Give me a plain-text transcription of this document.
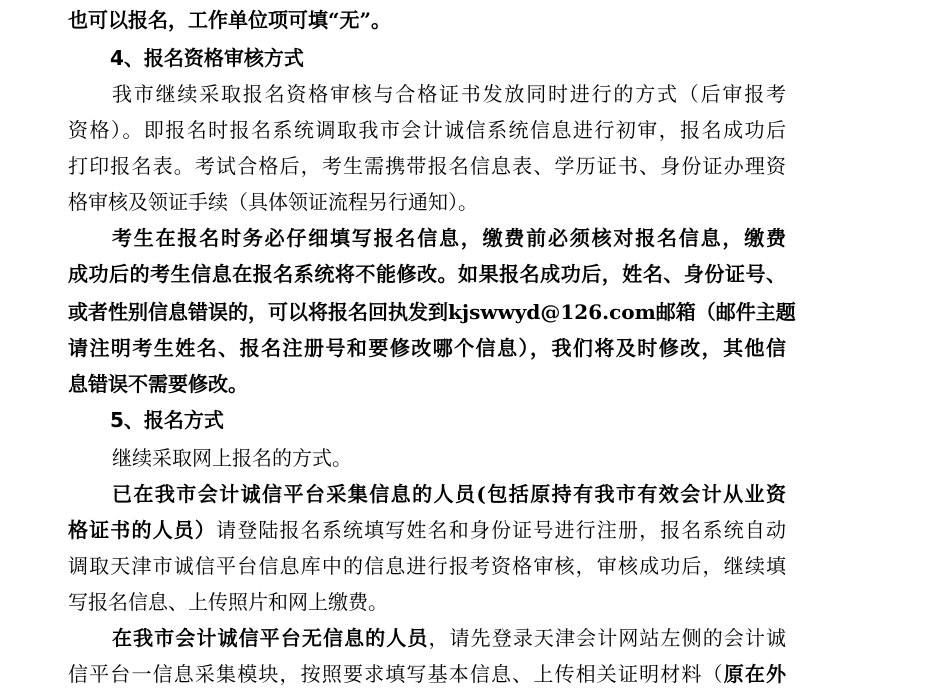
也可以报名，工作单位项可填“无”。
4、报名资格审核方式
我市继续采取报名资格审核与合格证书发放同时进行的方式（后审报考
资格）。即报名时报名系统调取我市会计诚信系统信息进行初审，报名成功后
打印报名表。考试合格后，考生需携带报名信息表、学历证书、身份证办理资
格审核及领证手续（具体领证流程另行通知）。
考生在报名时务必仔细填写报名信息，缴费前必须核对报名信息，缴费
成功后的考生信息在报名系统将不能修改。如果报名成功后，姓名、身份证号、
或者性别信息错误的，可以将报名回执发到kjswwyd@126.com邮箱（邮件主题
请注明考生姓名、报名注册号和要修改哪个信息），我们将及时修改，其他信
息错误不需要修改。
5、报名方式
继续采取网上报名的方式。
已在我市会计诚信平台采集信息的人员(包括原持有我市有效会计从业资
格证书的人员）请登陆报名系统填写姓名和身份证号进行注册，报名系统自动
调取天津市诚信平台信息库中的信息进行报考资格审核，审核成功后，继续填
写报名信息、上传照片和网上缴费。
在我市会计诚信平台无信息的人员，请先登录天津会计网站左侧的会计诚
信平台一信息采集模块，按照要求填写基本信息、上传相关证明材料（原在外
